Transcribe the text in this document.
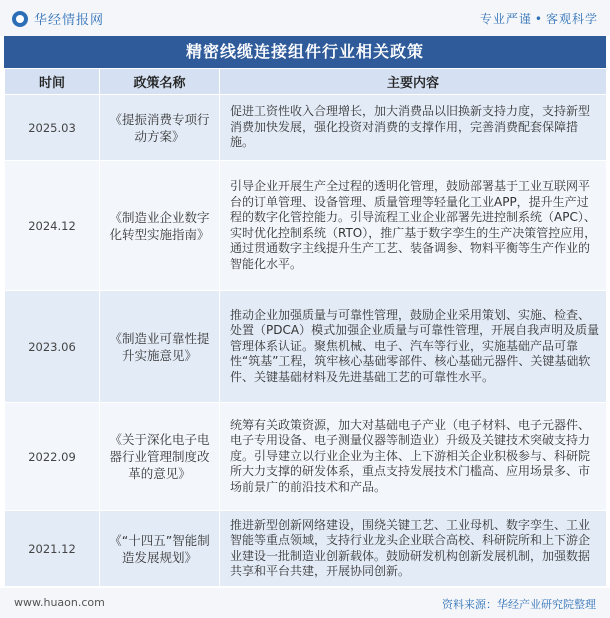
华经情报网	专业严谨 • 客观科学
精密线缆连接组件行业相关政策
时间	政策名称	主要内容
2025.03	《提振消费专项行动方案》	促进工资性收入合理增长，加大消费品以旧换新支持力度，支持新型消费加快发展，强化投资对消费的支撑作用，完善消费配套保障措施。
2024.12	《制造业企业数字化转型实施指南》	引导企业开展生产全过程的透明化管理，鼓励部署基于工业互联网平台的订单管理、设备管理、质量管理等轻量化工业APP，提升生产过程的数字化管控能力。引导流程工业企业部署先进控制系统（APC）、实时优化控制系统（RTO），推广基于数字孪生的生产决策管控应用，通过贯通数字主线提升生产工艺、装备调参、物料平衡等生产作业的智能化水平。
2023.06	《制造业可靠性提升实施意见》	推动企业加强质量与可靠性管理，鼓励企业采用策划、实施、检查、处置（PDCA）模式加强企业质量与可靠性管理，开展自我声明及质量管理体系认证。聚焦机械、电子、汽车等行业，实施基础产品可靠性“筑基”工程，筑牢核心基础零部件、核心基础元器件、关键基础软件、关键基础材料及先进基础工艺的可靠性水平。
2022.09	《关于深化电子电器行业管理制度改革的意见》	统筹有关政策资源，加大对基础电子产业（电子材料、电子元器件、电子专用设备、电子测量仪器等制造业）升级及关键技术突破支持力度。引导建立以行业企业为主体、上下游相关企业积极参与、科研院所大力支撑的研发体系，重点支持发展技术门槛高、应用场景多、市场前景广的前沿技术和产品。
2021.12	《“十四五”智能制造发展规划》	推进新型创新网络建设，围绕关键工艺、工业母机、数字孪生、工业智能等重点领域，支持行业龙头企业联合高校、科研院所和上下游企业建设一批制造业创新载体。鼓励研发机构创新发展机制，加强数据共享和平台共建，开展协同创新。
www.huaon.com	资料来源：华经产业研究院整理
